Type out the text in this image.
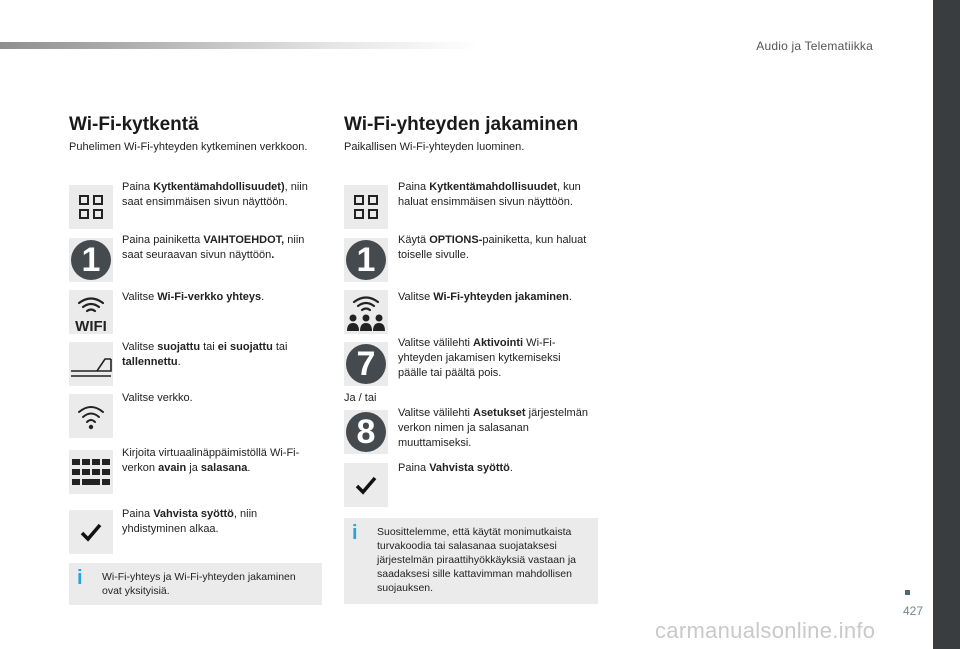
Audio ja Telematiikka
Wi-Fi-kytkentä
Puhelimen Wi-Fi-yhteyden kytkeminen verkkoon.
Paina Kytkentämahdollisuudet), niin saat ensimmäisen sivun näyttöön.
1
Paina painiketta VAIHTOEHDOT, niin saat seuraavan sivun näyttöön.
WIFI
Valitse Wi-Fi-verkko yhteys.
Valitse suojattu tai ei suojattu tai tallennettu.
Valitse verkko.
Kirjoita virtuaalinäppäimistöllä Wi-Fi-verkon avain ja salasana.
Paina Vahvista syöttö, niin yhdistyminen alkaa.
i Wi-Fi-yhteys ja Wi-Fi-yhteyden jakaminen ovat yksityisiä.
Wi-Fi-yhteyden jakaminen
Paikallisen Wi-Fi-yhteyden luominen.
Paina Kytkentämahdollisuudet, kun haluat ensimmäisen sivun näyttöön.
1
Käytä OPTIONS-painiketta, kun haluat toiselle sivulle.
Valitse Wi-Fi-yhteyden jakaminen.
7
Valitse välilehti Aktivointi Wi-Fi-yhteyden jakamisen kytkemiseksi päälle tai päältä pois.
Ja / tai
8 Valitse välilehti Asetukset järjestelmän verkon nimen ja salasanan muuttamiseksi.
Paina Vahvista syöttö.
i Suosittelemme, että käytät monimutkaista turvakoodia tai salasanaa suojataksesi järjestelmän piraattihyökkäyksiä vastaan ja saadaksesi sille kattavimman mahdollisen suojauksen.
427
carmanualsonline.info
